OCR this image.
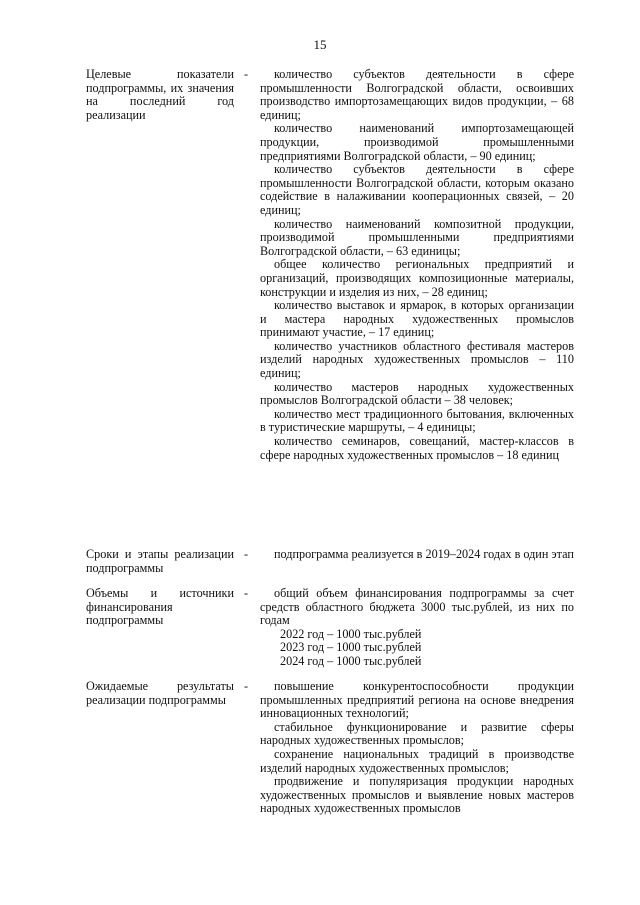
15
Целевые показатели подпрограммы, их значения на последний год реализации
-	количество субъектов деятельности в сфере промышленности Волгоградской области, освоивших производство импортозамещающих видов продукции, – 68 единиц;

количество наименований импортозамещающей продукции, производимой промышленными предприятиями Волгоградской области, – 90 единиц;

количество субъектов деятельности в сфере промышленности Волгоградской области, которым оказано содействие в налаживании кооперационных связей, – 20 единиц;

количество наименований композитной продукции, производимой промышленными предприятиями Волгоградской области, – 63 единицы;

общее количество региональных предприятий и организаций, производящих композиционные материалы, конструкции и изделия из них, – 28 единиц;

количество выставок и ярмарок, в которых организации и мастера народных художественных промыслов принимают участие, – 17 единиц;

количество участников областного фестиваля мастеров изделий народных художественных промыслов – 110 единиц;

количество мастеров народных художественных промыслов Волгоградской области – 38 человек;

количество мест традиционного бытования, включенных в туристические маршруты, – 4 единицы;

количество семинаров, совещаний, мастер-классов в сфере народных художественных промыслов – 18 единиц

Сроки и этапы реализации подпрограммы
-	подпрограмма реализуется в 2019–2024 годах в один этап

Объемы и источники финансирования подпрограммы
-	общий объем финансирования подпрограммы за счет средств областного бюджета 3000 тыс.рублей, из них по годам

2022 год – 1000 тыс.рублей

2023 год – 1000 тыс.рублей

2024 год – 1000 тыс.рублей

Ожидаемые результаты реализации подпрограммы
-	повышение конкурентоспособности продукции промышленных предприятий региона на основе внедрения инновационных технологий;

стабильное функционирование и развитие сферы народных художественных промыслов;

сохранение национальных традиций в производстве изделий народных художественных промыслов;

продвижение и популяризация продукции народных художественных промыслов и выявление новых мастеров народных художественных промыслов
